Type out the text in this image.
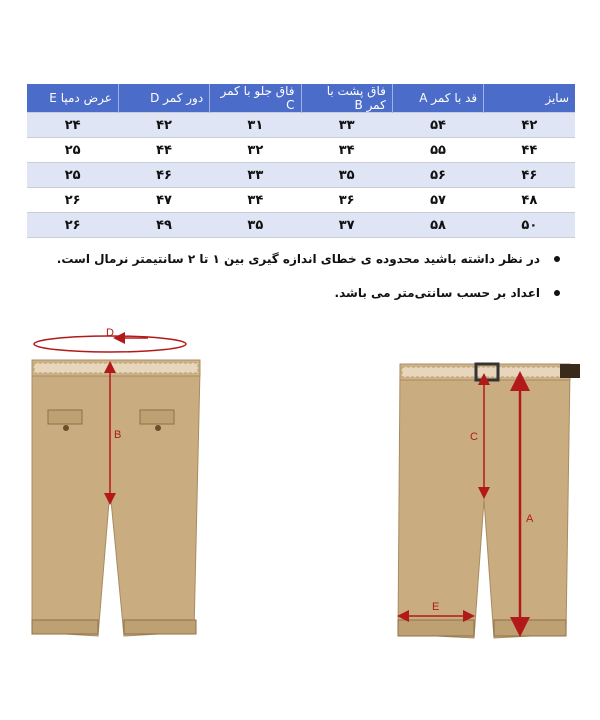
سایز	قد با کمر A	فاق پشت با کمر B	فاق جلو با کمر C	دور کمر D	عرض دمپا E
۴۲	۵۴	۳۳	۳۱	۴۲	۲۴
۴۴	۵۵	۳۴	۳۲	۴۴	۲۵
۴۶	۵۶	۳۵	۳۳	۴۶	۲۵
۴۸	۵۷	۳۶	۳۴	۴۷	۲۶
۵۰	۵۸	۳۷	۳۵	۴۹	۲۶
در نظر داشته باشید محدوده ی خطای اندازه گیری بین ۱ تا ۲ سانتیمتر نرمال است.
اعداد بر حسب سانتی‌متر می باشد.
D
B	C
A
E
